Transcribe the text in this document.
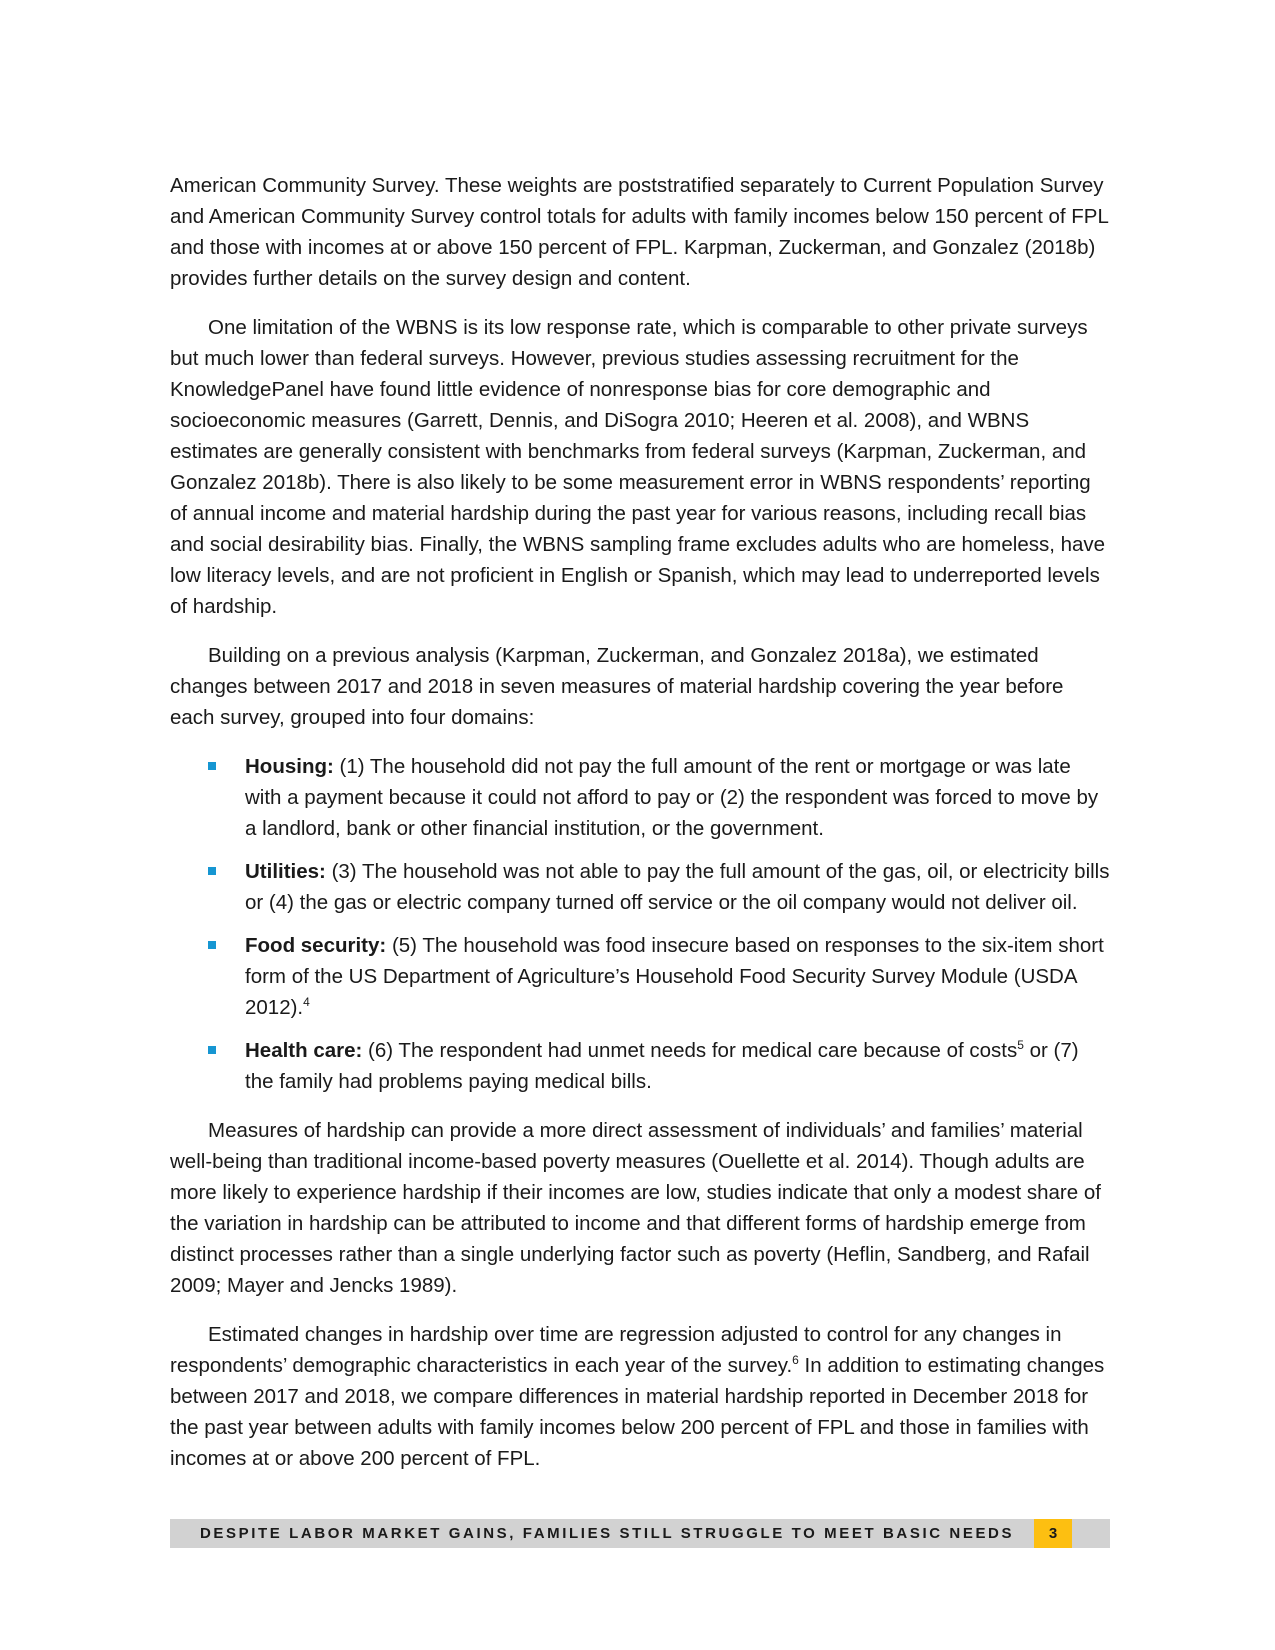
American Community Survey. These weights are poststratified separately to Current Population Survey and American Community Survey control totals for adults with family incomes below 150 percent of FPL and those with incomes at or above 150 percent of FPL. Karpman, Zuckerman, and Gonzalez (2018b) provides further details on the survey design and content.

One limitation of the WBNS is its low response rate, which is comparable to other private surveys but much lower than federal surveys. However, previous studies assessing recruitment for the KnowledgePanel have found little evidence of nonresponse bias for core demographic and socioeconomic measures (Garrett, Dennis, and DiSogra 2010; Heeren et al. 2008), and WBNS estimates are generally consistent with benchmarks from federal surveys (Karpman, Zuckerman, and Gonzalez 2018b). There is also likely to be some measurement error in WBNS respondents’ reporting of annual income and material hardship during the past year for various reasons, including recall bias and social desirability bias. Finally, the WBNS sampling frame excludes adults who are homeless, have low literacy levels, and are not proficient in English or Spanish, which may lead to underreported levels of hardship.

Building on a previous analysis (Karpman, Zuckerman, and Gonzalez 2018a), we estimated changes between 2017 and 2018 in seven measures of material hardship covering the year before each survey, grouped into four domains:

Housing: (1) The household did not pay the full amount of the rent or mortgage or was late with a payment because it could not afford to pay or (2) the respondent was forced to move by a landlord, bank or other financial institution, or the government.
Utilities: (3) The household was not able to pay the full amount of the gas, oil, or electricity bills or (4) the gas or electric company turned off service or the oil company would not deliver oil.
Food security: (5) The household was food insecure based on responses to the six-item short form of the US Department of Agriculture’s Household Food Security Survey Module (USDA 2012).$^4$
Health care: (6) The respondent had unmet needs for medical care because of costs$^5$ or (7) the family had problems paying medical bills.

Measures of hardship can provide a more direct assessment of individuals’ and families’ material well-being than traditional income-based poverty measures (Ouellette et al. 2014). Though adults are more likely to experience hardship if their incomes are low, studies indicate that only a modest share of the variation in hardship can be attributed to income and that different forms of hardship emerge from distinct processes rather than a single underlying factor such as poverty (Heflin, Sandberg, and Rafail 2009; Mayer and Jencks 1989).

Estimated changes in hardship over time are regression adjusted to control for any changes in respondents’ demographic characteristics in each year of the survey.$^6$ In addition to estimating changes between 2017 and 2018, we compare differences in material hardship reported in December 2018 for the past year between adults with family incomes below 200 percent of FPL and those in families with incomes at or above 200 percent of FPL.

DESPITE LABOR MARKET GAINS, FAMILIES STILL STRUGGLE TO MEET BASIC NEEDS	3
